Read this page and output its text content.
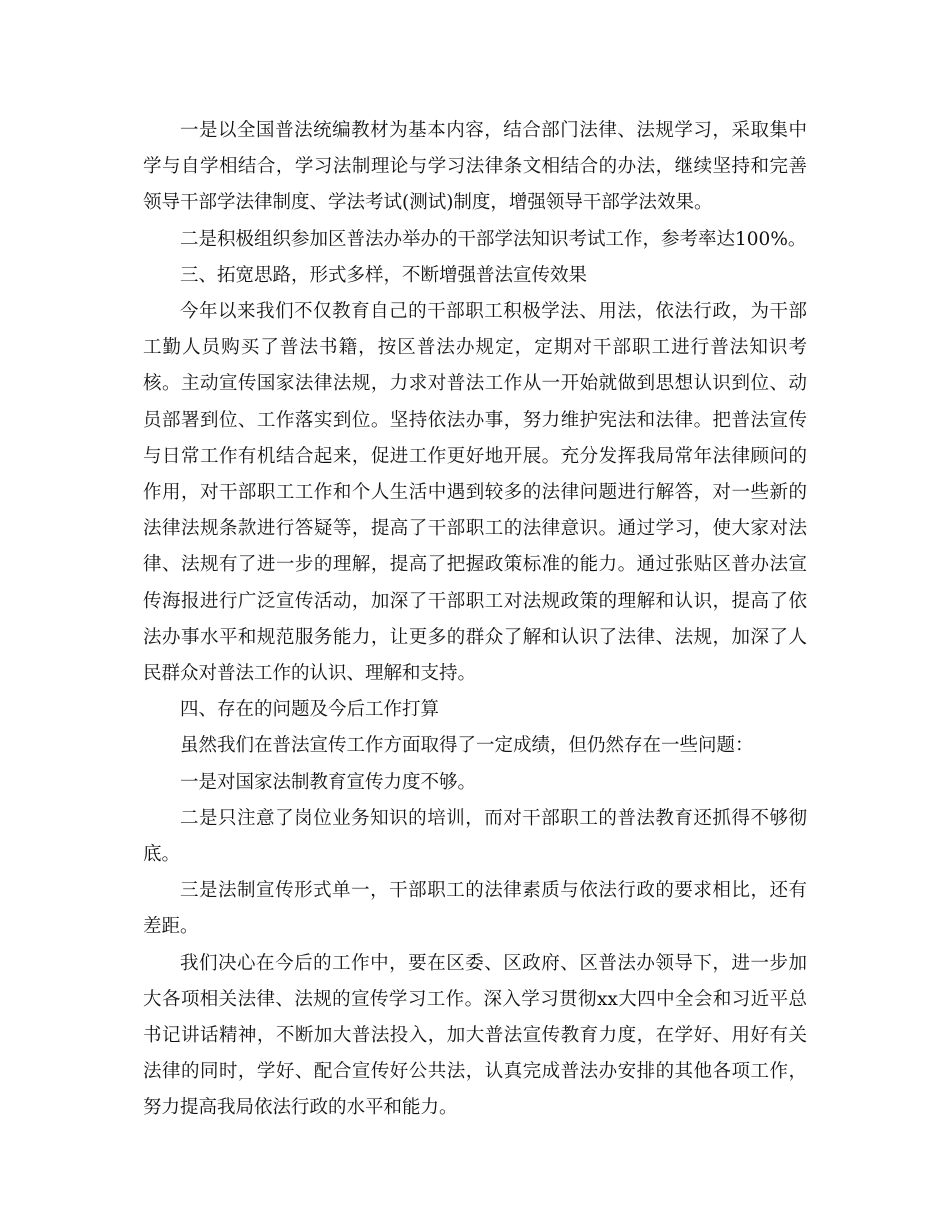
一是以全国普法统编教材为基本内容，结合部门法律、法规学习，采取集中学与自学相结合，学习法制理论与学习法律条文相结合的办法，继续坚持和完善领导干部学法律制度、学法考试(测试)制度，增强领导干部学法效果。

二是积极组织参加区普法办举办的干部学法知识考试工作，参考率达100%。

三、拓宽思路，形式多样，不断增强普法宣传效果

今年以来我们不仅教育自己的干部职工积极学法、用法，依法行政，为干部工勤人员购买了普法书籍，按区普法办规定，定期对干部职工进行普法知识考核。主动宣传国家法律法规，力求对普法工作从一开始就做到思想认识到位、动员部署到位、工作落实到位。坚持依法办事，努力维护宪法和法律。把普法宣传与日常工作有机结合起来，促进工作更好地开展。充分发挥我局常年法律顾问的作用，对干部职工工作和个人生活中遇到较多的法律问题进行解答，对一些新的法律法规条款进行答疑等，提高了干部职工的法律意识。通过学习，使大家对法律、法规有了进一步的理解，提高了把握政策标准的能力。通过张贴区普办法宣传海报进行广泛宣传活动，加深了干部职工对法规政策的理解和认识，提高了依法办事水平和规范服务能力，让更多的群众了解和认识了法律、法规，加深了人民群众对普法工作的认识、理解和支持。

四、存在的问题及今后工作打算

虽然我们在普法宣传工作方面取得了一定成绩，但仍然存在一些问题：

一是对国家法制教育宣传力度不够。

二是只注意了岗位业务知识的培训，而对干部职工的普法教育还抓得不够彻底。

三是法制宣传形式单一，干部职工的法律素质与依法行政的要求相比，还有差距。

我们决心在今后的工作中，要在区委、区政府、区普法办领导下，进一步加大各项相关法律、法规的宣传学习工作。深入学习贯彻xx大四中全会和习近平总书记讲话精神，不断加大普法投入，加大普法宣传教育力度，在学好、用好有关法律的同时，学好、配合宣传好公共法，认真完成普法办安排的其他各项工作，努力提高我局依法行政的水平和能力。
